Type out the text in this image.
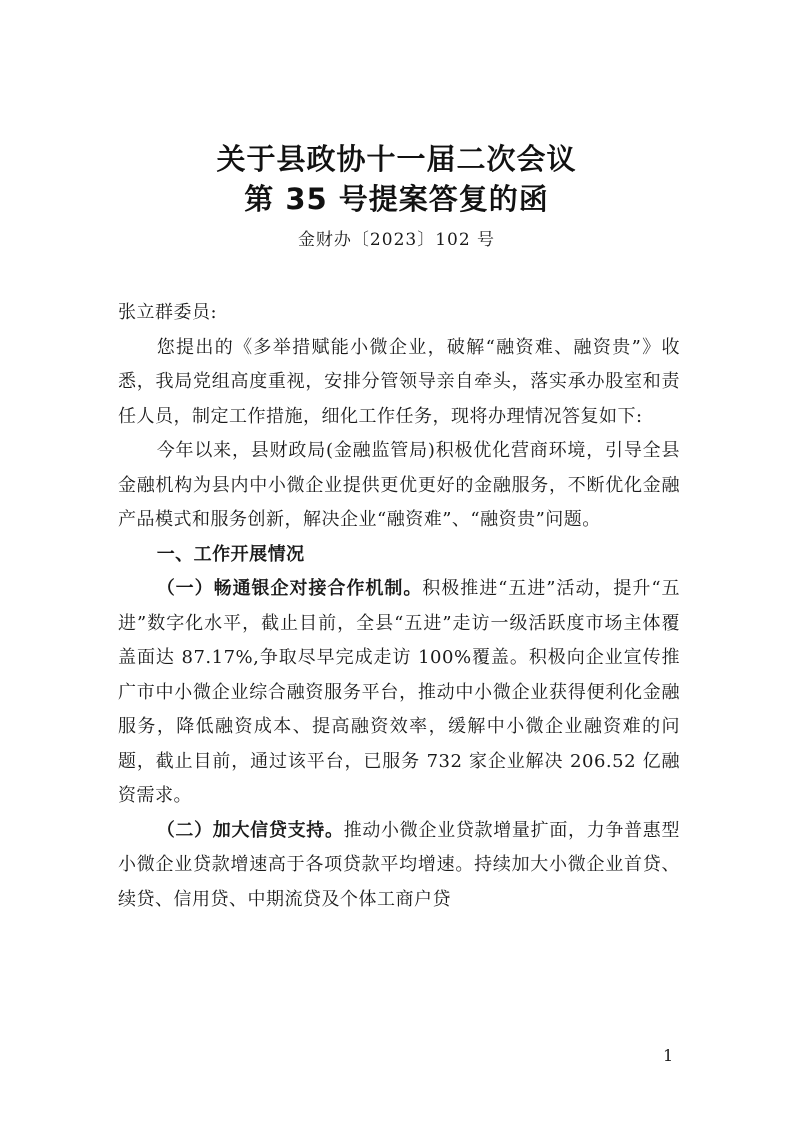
关于县政协十一届二次会议
第 35 号提案答复的函
金财办〔2023〕102 号

张立群委员:

您提出的《多举措赋能小微企业，破解“融资难、融资贵”》收悉，我局党组高度重视，安排分管领导亲自牵头，落实承办股室和责任人员，制定工作措施，细化工作任务，现将办理情况答复如下:

今年以来，县财政局(金融监管局)积极优化营商环境，引导全县金融机构为县内中小微企业提供更优更好的金融服务，不断优化金融产品模式和服务创新，解决企业“融资难”、“融资贵”问题。

一、工作开展情况

（一）畅通银企对接合作机制。积极推进“五进”活动，提升“五进”数字化水平，截止目前，全县“五进”走访一级活跃度市场主体覆盖面达 87.17%,争取尽早完成走访 100%覆盖。积极向企业宣传推广市中小微企业综合融资服务平台，推动中小微企业获得便利化金融服务，降低融资成本、提高融资效率，缓解中小微企业融资难的问题，截止目前，通过该平台，已服务 732 家企业解决 206.52 亿融资需求。

（二）加大信贷支持。推动小微企业贷款增量扩面，力争普惠型小微企业贷款增速高于各项贷款平均增速。持续加大小微企业首贷、续贷、信用贷、中期流贷及个体工商户贷

1
